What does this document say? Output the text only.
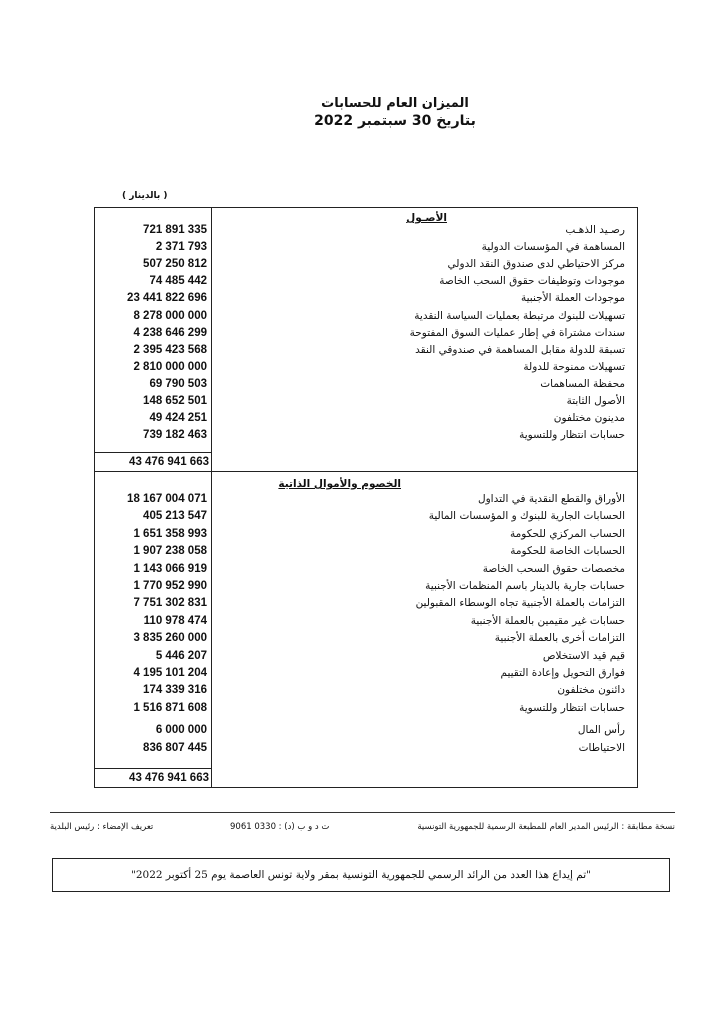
الميزان العام للحسابات
بتاريخ 30 سبتمبر 2022
( بالدينار )
الأصـول
721 891 335	رصـيد الذهـب
2 371 793	المساهمة في المؤسسات الدولية
507 250 812	مركز الاحتياطي لدى صندوق النقد الدولي
74 485 442	موجودات وتوظيفات حقوق السحب الخاصة
23 441 822 696	موجودات العملة الأجنبية
8 278 000 000	تسهيلات للبنوك مرتبطة بعمليات السياسة النقدية
4 238 646 299	سندات مشتراة في إطار عمليات السوق المفتوحة
2 395 423 568	تسبقة للدولة مقابل المساهمة في صندوقي النقد
2 810 000 000	تسهيلات ممنوحة للدولة
69 790 503	محفظة المساهمات
148 652 501	الأصول الثابتة
49 424 251	مدينون مختلفون
739 182 463	حسابات انتظار وللتسوية
43 476 941 663
الخصوم والأموال الذاتية
18 167 004 071	الأوراق والقطع النقدية في التداول
405 213 547	الحسابات الجارية للبنوك و المؤسسات المالية
1 651 358 993	الحساب المركزي للحكومة
1 907 238 058	الحسابات الخاصة للحكومة
1 143 066 919	مخصصات حقوق السحب الخاصة
1 770 952 990	حسابات جارية بالدينار باسم المنظمات الأجنبية
7 751 302 831	التزامات بالعملة الأجنبية تجاه الوسطاء المقبولين
110 978 474	حسابات غير مقيمين بالعملة الأجنبية
3 835 260 000	التزامات أخرى بالعملة الأجنبية
5 446 207	قيم قيد الاستخلاص
4 195 101 204	فوارق التحويل وإعادة التقييم
174 339 316	دائنون مختلفون
1 516 871 608	حسابات انتظار وللتسوية
6 000 000	رأس المال
836 807 445	الاحتياطات
43 476 941 663
نسخة مطابقة : الرئيس المدير العام للمطبعة الرسمية للجمهورية التونسية
ت د و ب (د) : 0330 9061
تعريف الإمضاء : رئيس البلدية
"تم إيداع هذا العدد من الرائد الرسمي للجمهورية التونسية بمقر ولاية تونس العاصمة يوم 25 أكتوبر 2022"
